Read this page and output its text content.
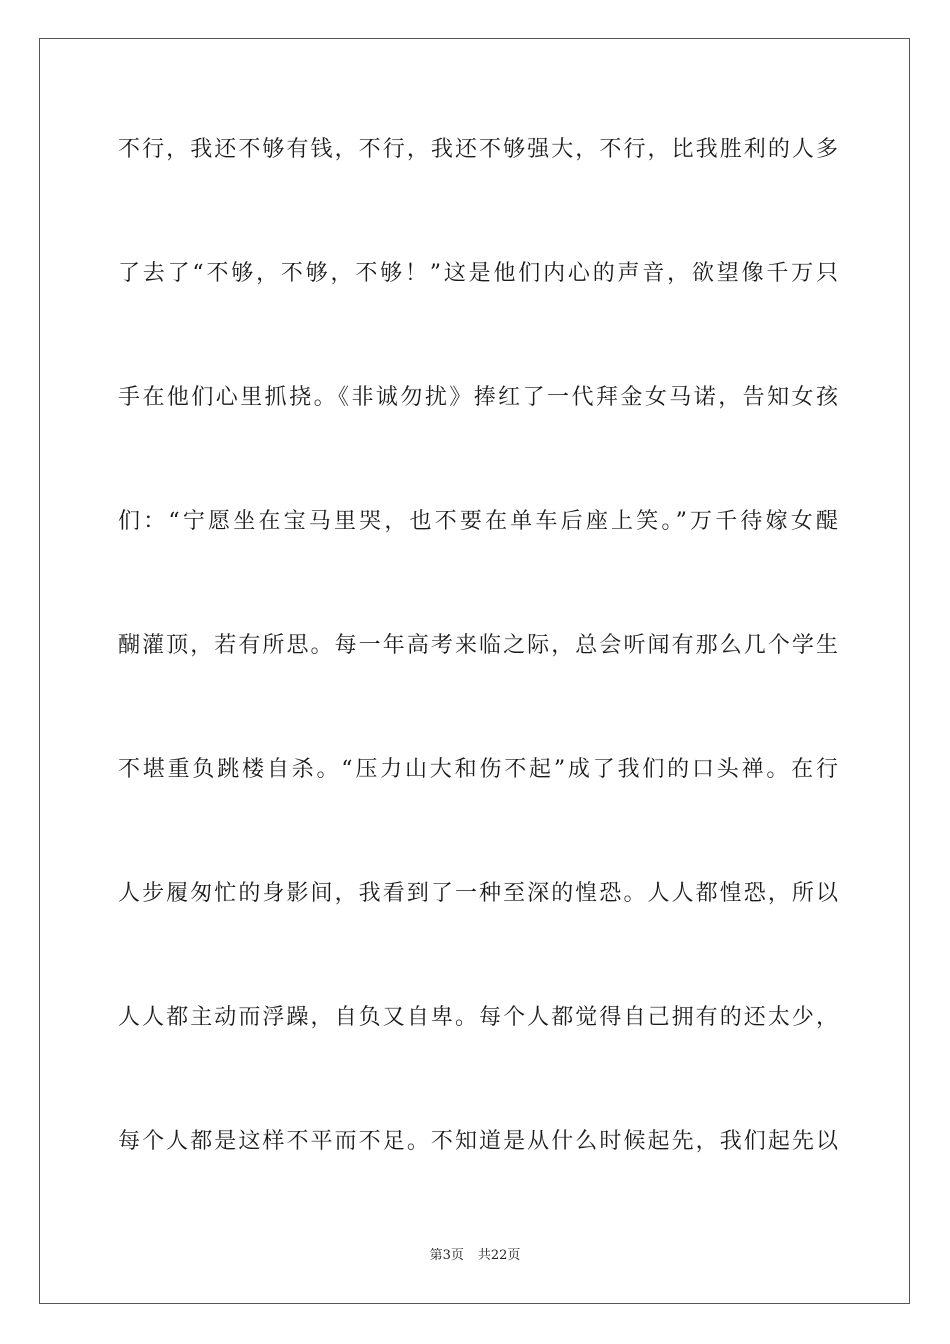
不行，我还不够有钱，不行，我还不够强大，不行，比我胜利的人多
了去了“不够，不够，不够！”这是他们内心的声音，欲望像千万只
手在他们心里抓挠。《非诚勿扰》捧红了一代拜金女马诺，告知女孩
们：“宁愿坐在宝马里哭，也不要在单车后座上笑。”万千待嫁女醍
醐灌顶，若有所思。每一年高考来临之际，总会听闻有那么几个学生
不堪重负跳楼自杀。“压力山大和伤不起”成了我们的口头禅。在行
人步履匆忙的身影间，我看到了一种至深的惶恐。人人都惶恐，所以
人人都主动而浮躁，自负又自卑。每个人都觉得自己拥有的还太少，
每个人都是这样不平而不足。不知道是从什么时候起先，我们起先以
第3页 共22页
